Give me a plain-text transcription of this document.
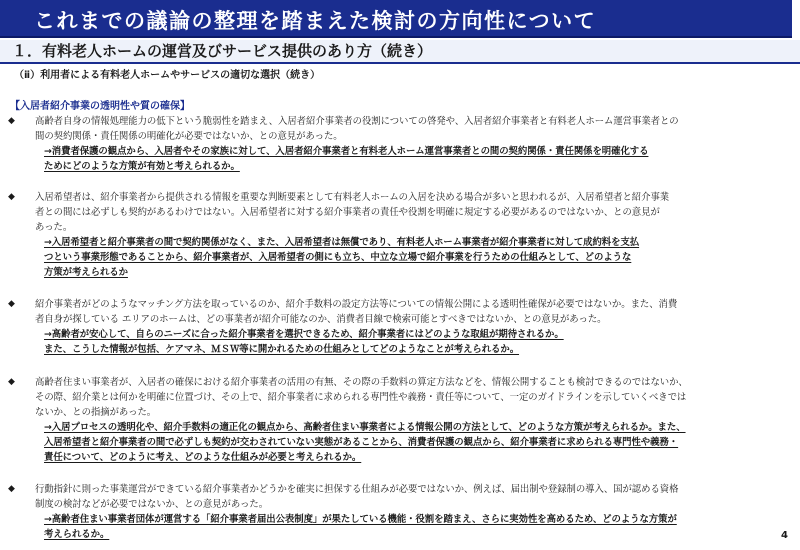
これまでの議論の整理を踏まえた検討の方向性について
１．有料老人ホームの運営及びサービス提供のあり方（続き）
（ⅱ）利用者による有料老人ホームやサービスの適切な選択（続き）
【入居者紹介事業の透明性や質の確保】
◆ 高齢者自身の情報処理能力の低下という脆弱性を踏まえ、入居者紹介事業者の役割についての啓発や、入居者紹介事業者と有料老人ホーム運営事業者との
間の契約関係・責任関係の明確化が必要ではないか、との意見があった。
→消費者保護の観点から、入居者やその家族に対して、入居者紹介事業者と有料老人ホーム運営事業者との間の契約関係・責任関係を明確化する
ためにどのような方策が有効と考えられるか。
◆ 入居希望者は、紹介事業者から提供される情報を重要な判断要素として有料老人ホームの入居を決める場合が多いと思われるが、入居希望者と紹介事業
者との間には必ずしも契約があるわけではない。入居希望者に対する紹介事業者の責任や役割を明確に規定する必要があるのではないか、との意見が
あった。
→入居希望者と紹介事業者の間で契約関係がなく、また、入居希望者は無償であり、有料老人ホーム事業者が紹介事業者に対して成約料を支払
つという事業形態であることから、紹介事業者が、入居希望者の側にも立ち、中立な立場で紹介事業を行うための仕組みとして、どのような
方策が考えられるか
◆ 紹介事業者がどのようなマッチング方法を取っているのか、紹介手数料の設定方法等についての情報公開による透明性確保が必要ではないか。また、消費
者自身が探している エリアのホームは、どの事業者が紹介可能なのか、消費者目線で検索可能とすべきではないか、との意見があった。
→高齢者が安心して、自らのニーズに合った紹介事業者を選択できるため、紹介事業者にはどのような取組が期待されるか。
また、こうした情報が包括、ケアマネ、ＭＳＷ等に開かれるための仕組みとしてどのようなことが考えられるか。
◆ 高齢者住まい事業者が、入居者の確保における紹介事業者の活用の有無、その際の手数料の算定方法などを、情報公開することも検討できるのではないか、
その際、紹介業とは何かを明確に位置づけ、その上で、紹介事業者に求められる専門性や義務・責任等について、一定のガイドラインを示していくべきでは
ないか、との指摘があった。
→入居プロセスの透明化や、紹介手数料の適正化の観点から、高齢者住まい事業者による情報公開の方法として、どのような方策が考えられるか。また、
入居希望者と紹介事業者の間で必ずしも契約が交わされていない実態があることから、消費者保護の観点から、紹介事業者に求められる専門性や義務・
責任について、どのように考え、どのような仕組みが必要と考えられるか。
◆ 行動指針に則った事業運営ができている紹介事業者かどうかを確実に担保する仕組みが必要ではないか、例えば、届出制や登録制の導入、国が認める資格
制度の検討などが必要ではないか、との意見があった。
→高齢者住まい事業者団体が運営する「紹介事業者届出公表制度」が果たしている機能・役割を踏まえ、さらに実効性を高めるため、どのような方策が
考えられるか。	4
